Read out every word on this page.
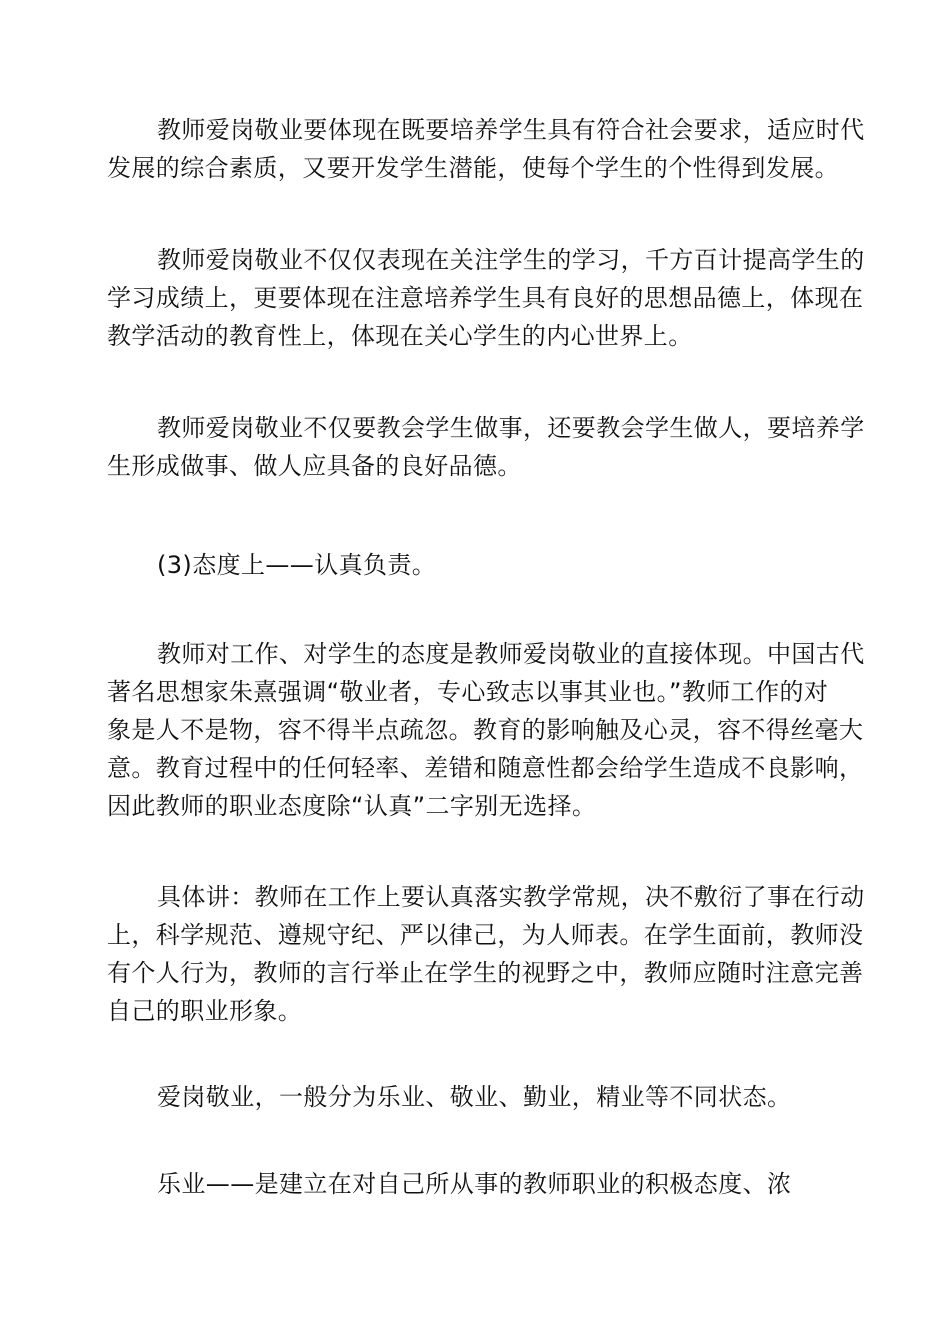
教师爱岗敬业要体现在既要培养学生具有符合社会要求，适应时代
发展的综合素质，又要开发学生潜能，使每个学生的个性得到发展。
教师爱岗敬业不仅仅表现在关注学生的学习，千方百计提高学生的
学习成绩上，更要体现在注意培养学生具有良好的思想品德上，体现在
教学活动的教育性上，体现在关心学生的内心世界上。
教师爱岗敬业不仅要教会学生做事，还要教会学生做人，要培养学
生形成做事、做人应具备的良好品德。
(3)态度上——认真负责。
教师对工作、对学生的态度是教师爱岗敬业的直接体现。中国古代
著名思想家朱熹强调“敬业者，专心致志以事其业也。”教师工作的对
象是人不是物，容不得半点疏忽。教育的影响触及心灵，容不得丝毫大
意。教育过程中的任何轻率、差错和随意性都会给学生造成不良影响，
因此教师的职业态度除“认真”二字别无选择。
具体讲：教师在工作上要认真落实教学常规，决不敷衍了事在行动
上，科学规范、遵规守纪、严以律己，为人师表。在学生面前，教师没
有个人行为，教师的言行举止在学生的视野之中，教师应随时注意完善
自己的职业形象。
爱岗敬业，一般分为乐业、敬业、勤业，精业等不同状态。
乐业——是建立在对自己所从事的教师职业的积极态度、浓
